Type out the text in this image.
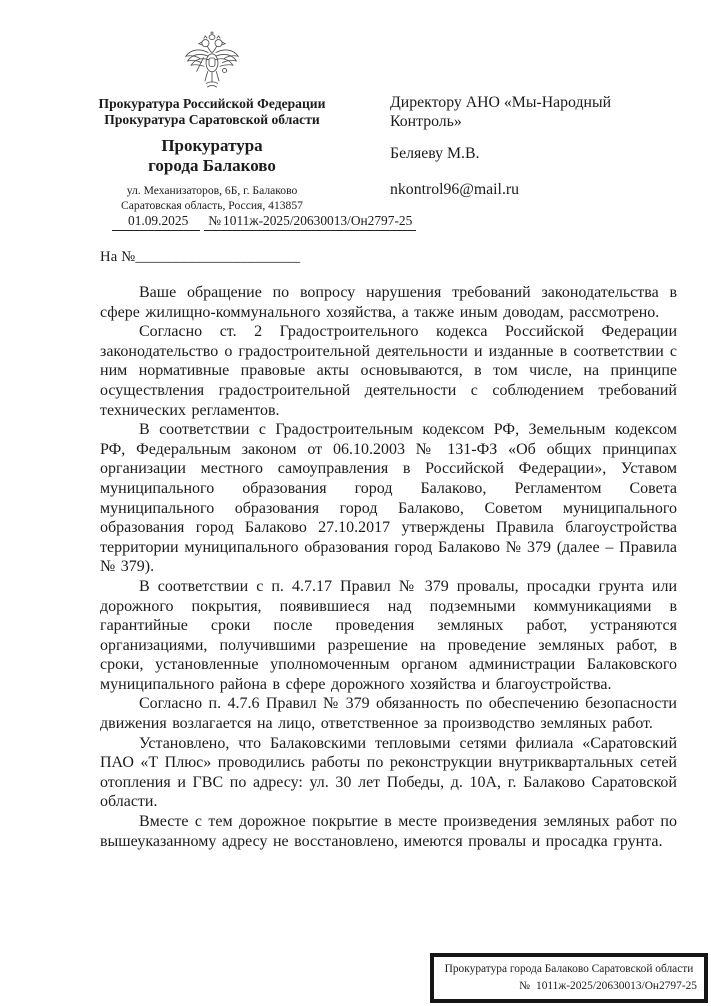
Прокуратура Российской Федерации
Прокуратура Саратовской области
Прокуратура
города Балаково
ул. Механизаторов, 6Б, г. Балаково
Саратовская область, Россия, 413857
Директору АНО «Мы-Народный
Контроль»
Беляеву М.В.
nkontrol96@mail.ru
01.09.2025 № 1011ж-2025/20630013/Он2797-25
На №______________________

Ваше обращение по вопросу нарушения требований законодательства в сфере жилищно-коммунального хозяйства, а также иным доводам, рассмотрено.

Согласно ст. 2 Градостроительного кодекса Российской Федерации законодательство о градостроительной деятельности и изданные в соответствии с ним нормативные правовые акты основываются, в том числе, на принципе осуществления градостроительной деятельности с соблюдением требований технических регламентов.

В соответствии с Градостроительным кодексом РФ, Земельным кодексом РФ, Федеральным законом от 06.10.2003 № 131-ФЗ «Об общих принципах организации местного самоуправления в Российской Федерации», Уставом муниципального образования город Балаково, Регламентом Совета муниципального образования город Балаково, Советом муниципального образования город Балаково 27.10.2017 утверждены Правила благоустройства территории муниципального образования город Балаково № 379 (далее – Правила № 379).

В соответствии с п. 4.7.17 Правил № 379 провалы, просадки грунта или дорожного покрытия, появившиеся над подземными коммуникациями в гарантийные сроки после проведения земляных работ, устраняются организациями, получившими разрешение на проведение земляных работ, в сроки, установленные уполномоченным органом администрации Балаковского муниципального района в сфере дорожного хозяйства и благоустройства.

Согласно п. 4.7.6 Правил № 379 обязанность по обеспечению безопасности движения возлагается на лицо, ответственное за производство земляных работ.

Установлено, что Балаковскими тепловыми сетями филиала «Саратовский ПАО «Т Плюс» проводились работы по реконструкции внутриквартальных сетей отопления и ГВС по адресу: ул. 30 лет Победы, д. 10А, г. Балаково Саратовской области.

Вместе с тем дорожное покрытие в месте произведения земляных работ по вышеуказанному адресу не восстановлено, имеются провалы и просадка грунта.

Прокуратура города Балаково Саратовской области
№ 1011ж-2025/20630013/Он2797-25
